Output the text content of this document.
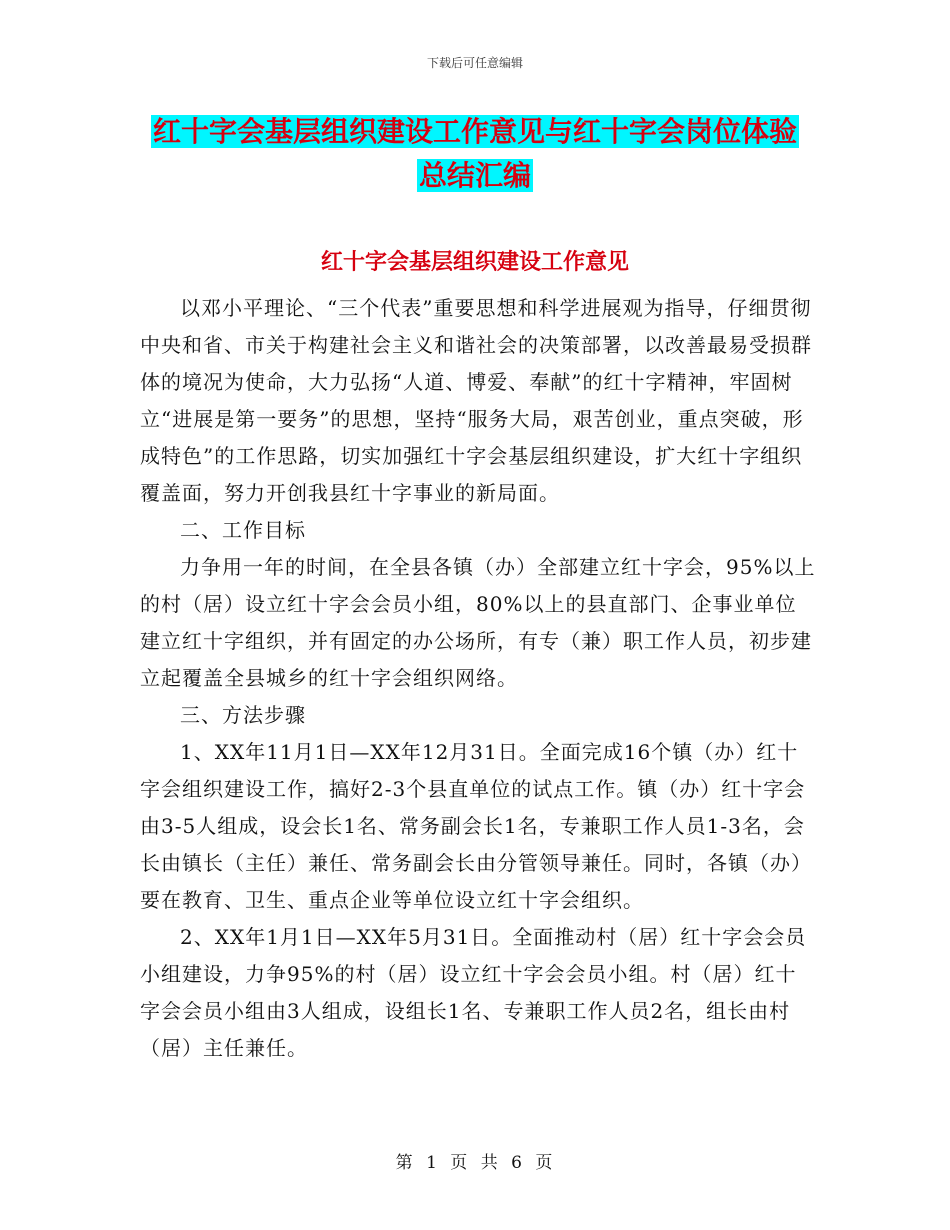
下载后可任意编辑
红十字会基层组织建设工作意见与红十字会岗位体验
总结汇编
红十字会基层组织建设工作意见

以邓小平理论、“三个代表”重要思想和科学进展观为指导，仔细贯彻中央和省、市关于构建社会主义和谐社会的决策部署，以改善最易受损群体的境况为使命，大力弘扬“人道、博爱、奉献”的红十字精神，牢固树立“进展是第一要务”的思想，坚持“服务大局，艰苦创业，重点突破，形成特色”的工作思路，切实加强红十字会基层组织建设，扩大红十字组织覆盖面，努力开创我县红十字事业的新局面。

二、工作目标

力争用一年的时间，在全县各镇（办）全部建立红十字会，95%以上的村（居）设立红十字会会员小组，80%以上的县直部门、企事业单位建立红十字组织，并有固定的办公场所，有专（兼）职工作人员，初步建立起覆盖全县城乡的红十字会组织网络。

三、方法步骤

1、XX年11月1日—XX年12月31日。全面完成16个镇（办）红十字会组织建设工作，搞好2-3个县直单位的试点工作。镇（办）红十字会由3-5人组成，设会长1名、常务副会长1名，专兼职工作人员1-3名，会长由镇长（主任）兼任、常务副会长由分管领导兼任。同时，各镇（办）要在教育、卫生、重点企业等单位设立红十字会组织。

2、XX年1月1日—XX年5月31日。全面推动村（居）红十字会会员小组建设，力争95%的村（居）设立红十字会会员小组。村（居）红十字会会员小组由3人组成，设组长1名、专兼职工作人员2名，组长由村（居）主任兼任。

第 1 页 共 6 页
